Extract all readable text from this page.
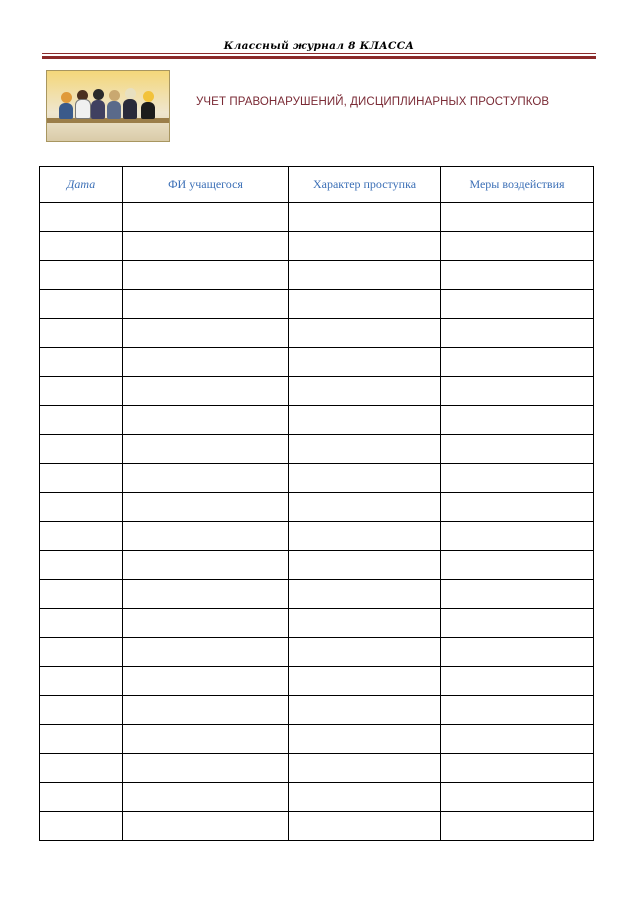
Классный журнал 8 КЛАССА
УЧЕТ ПРАВОНАРУШЕНИЙ, ДИСЦИПЛИНАРНЫХ ПРОСТУПКОВ
Дата	ФИ учащегося	Характер проступка	Меры воздействия
